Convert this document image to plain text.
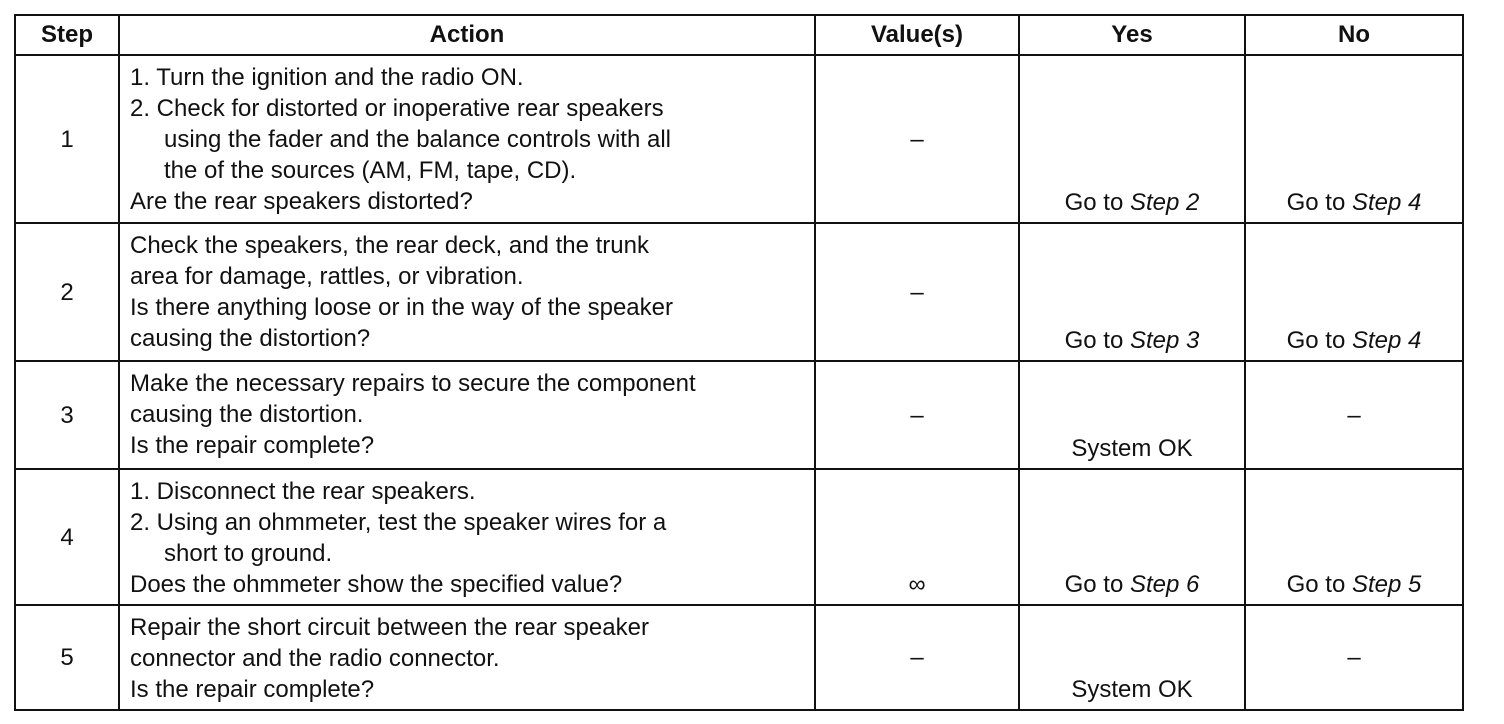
Step	Action	Value(s)	Yes	No
1	1. Turn the ignition and the radio ON.
2. Check for distorted or inoperative rear speakers
using the fader and the balance controls with all
the of the sources (AM, FM, tape, CD).
Are the rear speakers distorted?	–	Go to Step 2	Go to Step 4
2	Check the speakers, the rear deck, and the trunk
area for damage, rattles, or vibration.
Is there anything loose or in the way of the speaker
causing the distortion?	–	Go to Step 3	Go to Step 4
3	Make the necessary repairs to secure the component
causing the distortion.
Is the repair complete?	–	System OK	–
4	1. Disconnect the rear speakers.
2. Using an ohmmeter, test the speaker wires for a
short to ground.
Does the ohmmeter show the specified value?	∞	Go to Step 6	Go to Step 5
5	Repair the short circuit between the rear speaker
connector and the radio connector.
Is the repair complete?	–	System OK	–
